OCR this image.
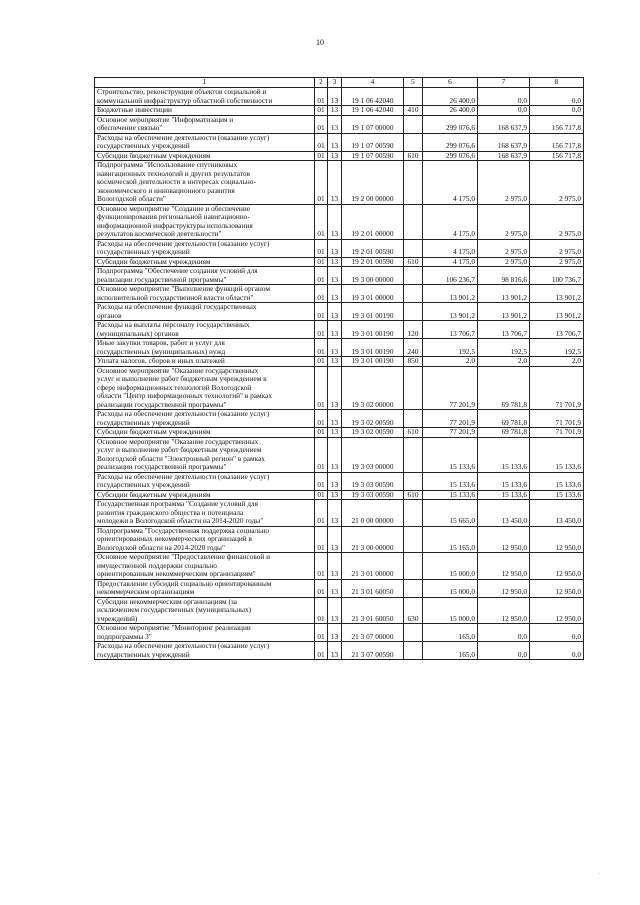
10
1	2	3	4	5	6	7	8
Строительство, реконструкция объектов социальной и
коммунальной инфраструктур областной собственности	01	13	19 1 06 42040		26 400,0	0,0	0,0
Бюджетные инвестиции	01	13	19 1 06 42040	410	26 400,0	0,0	0,0
Основное мероприятие "Информатизация и
обеспечение связью"	01	13	19 1 07 00000		299 076,6	168 637,9	156 717,8
Расходы на обеспечение деятельности (оказание услуг)
государственных учреждений	01	13	19 1 07 00590		299 076,6	168 637,9	156 717,8
Субсидии бюджетным учреждениям	01	13	19 1 07 00590	610	299 076,6	168 637,9	156 717,8
Подпрограмма "Использование спутниковых
навигационных технологий и других результатов
космической деятельности в интересах социально-
экономического и инновационного развития
Вологодской области"	01	13	19 2 00 00000		4 175,0	2 975,0	2 975,0
Основное мероприятие "Создание и обеспечение
функционирования региональной навигационно-
информационной инфраструктуры использования
результатов космической деятельности"	01	13	19 2 01 00000		4 175,0	2 975,0	2 975,0
Расходы на обеспечение деятельности (оказание услуг)
государственных учреждений	01	13	19 2 01 00590		4 175,0	2 975,0	2 975,0
Субсидии бюджетным учреждениям	01	13	19 2 01 00590	610	4 175,0	2 975,0	2 975,0
Подпрограмма "Обеспечение создания условий для
реализации государственной программы"	01	13	19 3 00 00000		106 236,7	98 816,6	100 736,7
Основное мероприятие "Выполнение функций органом
исполнительной государственной власти области"	01	13	19 3 01 00000		13 901,2	13 901,2	13 901,2
Расходы на обеспечение функций государственных
органов	01	13	19 3 01 00190		13 901,2	13 901,2	13 901,2
Расходы на выплаты персоналу государственных
(муниципальных) органов	01	13	19 3 01 00190	120	13 706,7	13 706,7	13 706,7
Иные закупки товаров, работ и услуг для
государственных (муниципальных) нужд	01	13	19 3 01 00190	240	192,5	192,5	192,5
Уплата налогов, сборов и иных платежей	01	13	19 3 01 00190	850	2,0	2,0	2,0
Основное мероприятие "Оказание государственных
услуг и выполнение работ бюджетным учреждением в
сфере информационных технологий Вологодской
области "Центр информационных технологий" в рамках
реализации государственной программы"	01	13	19 3 02 00000		77 201,9	69 781,8	71 701,9
Расходы на обеспечение деятельности (оказание услуг)
государственных учреждений	01	13	19 3 02 00590		77 201,9	69 781,8	71 701,9
Субсидии бюджетным учреждениям	01	13	19 3 02 00590	610	77 201,9	69 781,8	71 701,9
Основное мероприятие "Оказание государственных
услуг и выполнение работ бюджетным учреждением
Вологодской области "Электронный регион" в рамках
реализации государственной программы"	01	13	19 3 03 00000		15 133,6	15 133,6	15 133,6
Расходы на обеспечение деятельности (оказание услуг)
государственных учреждений	01	13	19 3 03 00590		15 133,6	15 133,6	15 133,6
Субсидии бюджетным учреждениям	01	13	19 3 03 00590	610	15 133,6	15 133,6	15 133,6
Государственная программа "Создание условий для
развития гражданского общества и потенциала
молодежи в Вологодской области на 2014-2020 годы"	01	13	21 0 00 00000		15 665,0	13 450,0	13 450,0
Подпрограмма "Государственная поддержка социально
ориентированных некоммерческих организаций в
Вологодской области на 2014-2020 годы"	01	13	21 3 00 00000		15 165,0	12 950,0	12 950,0
Основное мероприятие "Предоставление финансовой и
имущественной поддержки социально
ориентированным некоммерческим организациям"	01	13	21 3 01 00000		15 000,0	12 950,0	12 950,0
Предоставление субсидий социально ориентированным
некоммерческим организациям	01	13	21 3 01 60050		15 000,0	12 950,0	12 950,0
Субсидии некоммерческим организациям (за
исключением государственных (муниципальных)
учреждений)	01	13	21 3 01 60050	630	15 000,0	12 950,0	12 950,0
Основное мероприятие "Мониторинг реализации
подпрограммы 3"	01	13	21 3 07 00000		165,0	0,0	0,0
Расходы на обеспечение деятельности (оказание услуг)
государственных учреждений	01	13	21 3 07 00590		165,0	0,0	0,0
·
